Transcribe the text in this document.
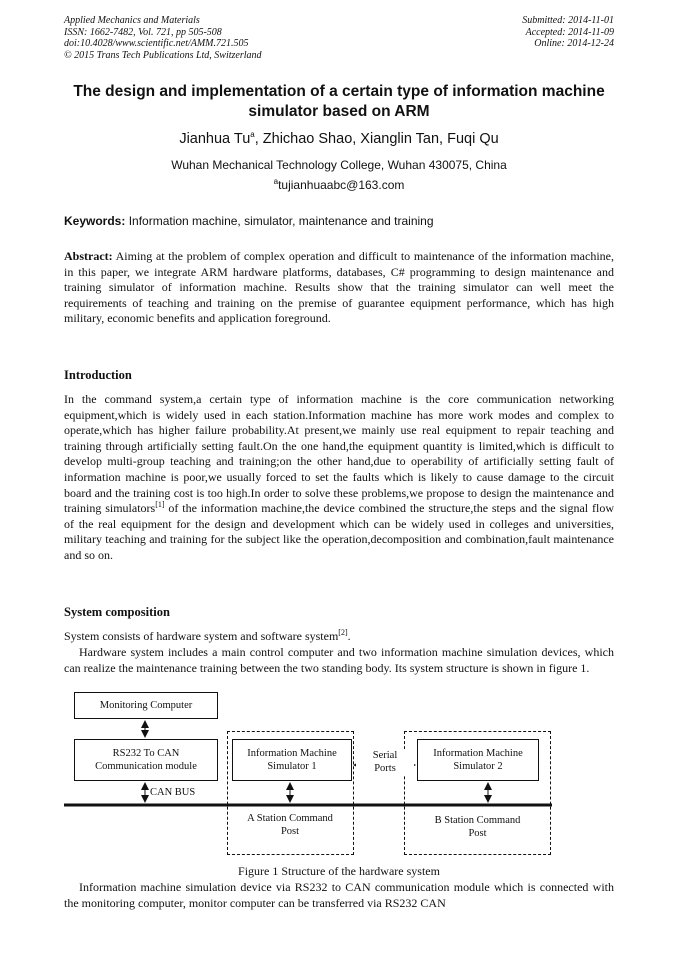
Applied Mechanics and Materials
ISSN: 1662-7482, Vol. 721, pp 505-508
doi:10.4028/www.scientific.net/AMM.721.505
© 2015 Trans Tech Publications Ltd, Switzerland
Submitted: 2014-11-01
Accepted: 2014-11-09
Online: 2014-12-24
The design and implementation of a certain type of information machine
simulator based on ARM
Jianhua Tu$^a$, Zhichao Shao, Xianglin Tan, Fuqi Qu
Wuhan Mechanical Technology College, Wuhan 430075, China
$^a$tujianhuaabc@163.com
Keywords: Information machine, simulator, maintenance and training
Abstract: Aiming at the problem of complex operation and difficult to maintenance of the information machine, in this paper, we integrate ARM hardware platforms, databases, C# programming to design maintenance and training simulator of information machine. Results show that the training simulator can well meet the requirements of teaching and training on the premise of guarantee equipment performance, which has high military, economic benefits and application foreground.
Introduction
In the command system,a certain type of information machine is the core communication networking equipment,which is widely used in each station.Information machine has more work modes and complex to operate,which has higher failure probability.At present,we mainly use real equipment to repair teaching and training through artificially setting fault.On the one hand,the equipment quantity is limited,which is difficult to develop multi-group teaching and training;on the other hand,due to operability of artificially setting fault of information machine is poor,we usually forced to set the faults which is likely to cause damage to the circuit board and the training cost is too high.In order to solve these problems,we propose to design the maintenance and training simulators[1] of the information machine,the device combined the structure,the steps and the signal flow of the real equipment for the design and development which can be widely used in colleges and universities, military teaching and training for the subject like the operation,decomposition and combination,fault maintenance and so on.
System composition
System consists of hardware system and software system[2].
Hardware system includes a main control computer and two information machine simulation devices, which can realize the maintenance training between the two standing body. Its system structure is shown in figure 1.
Monitoring Computer
RS232 To CAN
Communication module
Information Machine
Simulator 1
Information Machine
Simulator 2
Serial
Ports
CAN BUS
A Station Command
Post
B Station Command
Post
Figure 1 Structure of the hardware system
Information machine simulation device via RS232 to CAN communication module which is connected with the monitoring computer, monitor computer can be transferred via RS232 CAN
